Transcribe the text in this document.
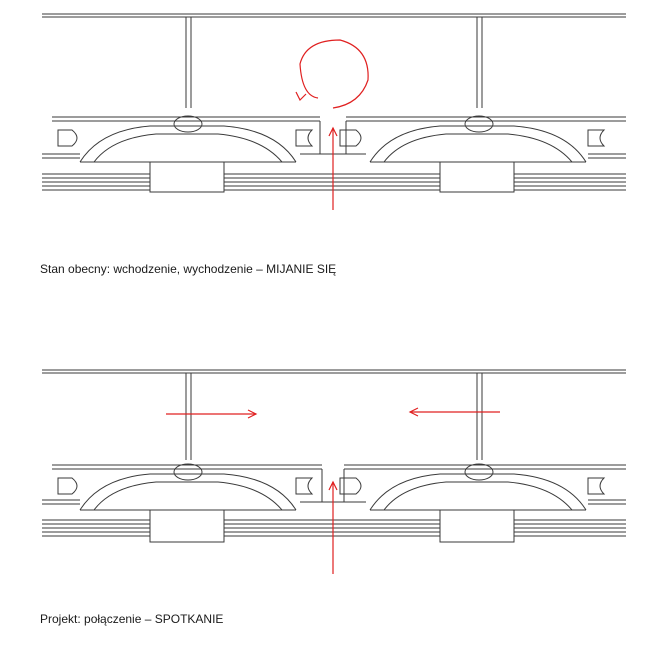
Stan obecny: wchodzenie, wychodzenie – MIJANIE SIĘ
Projekt: połączenie – SPOTKANIE
